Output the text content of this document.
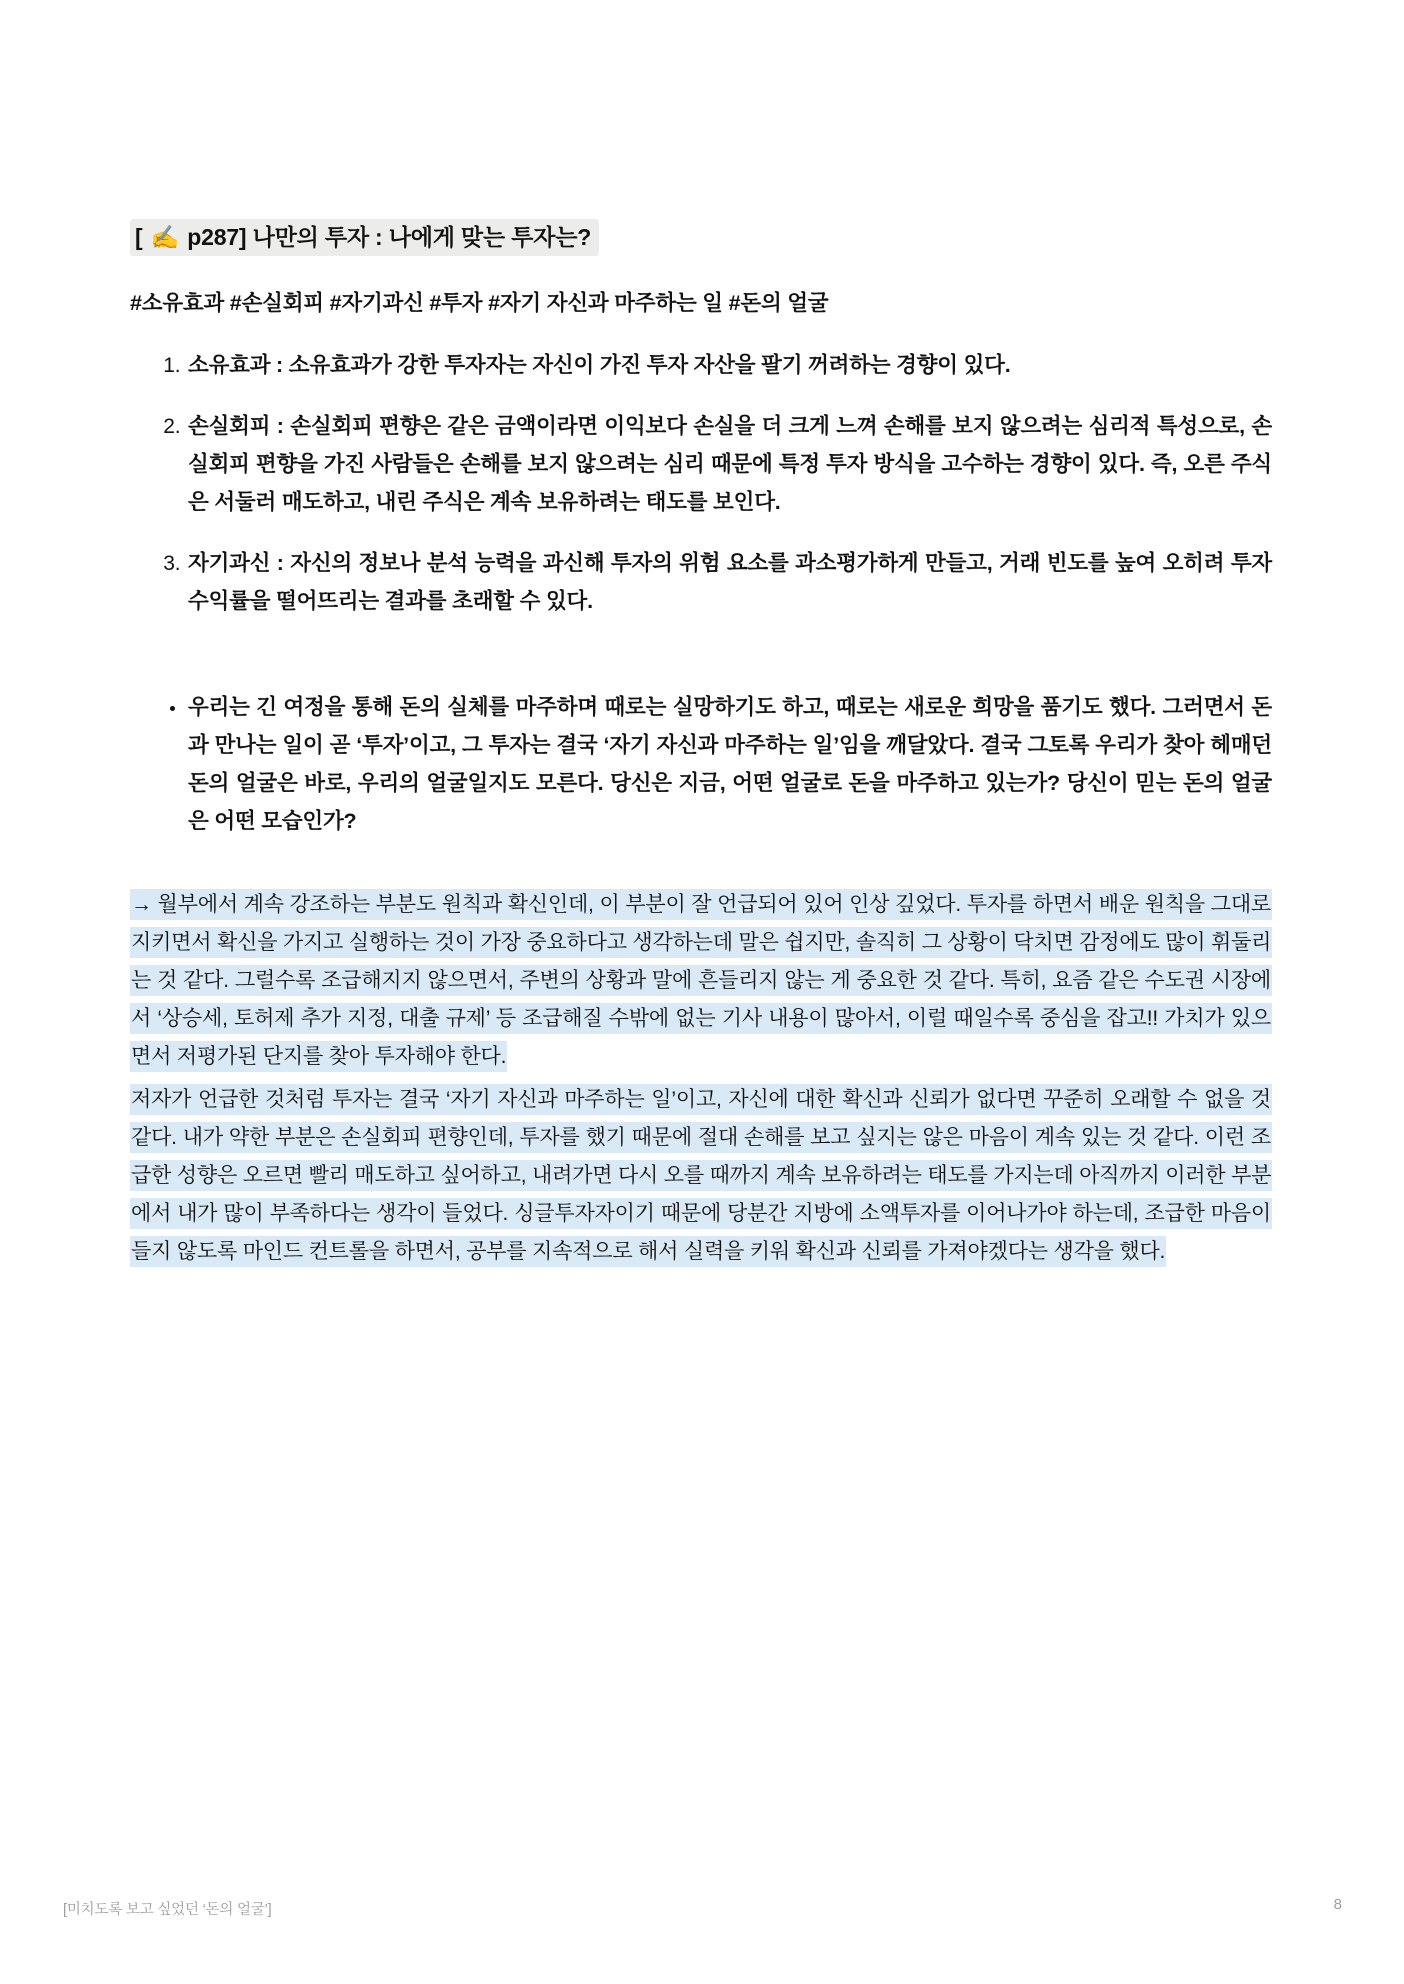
[ ✍️ p287] 나만의 투자 : 나에게 맞는 투자는?

#소유효과 #손실회피 #자기과신 #투자 #자기 자신과 마주하는 일 #돈의 얼굴

1. 소유효과 : 소유효과가 강한 투자자는 자신이 가진 투자 자산을 팔기 꺼려하는 경향이 있다.
2. 손실회피 : 손실회피 편향은 같은 금액이라면 이익보다 손실을 더 크게 느껴 손해를 보지 않으려는 심리적 특성으로, 손실회피 편향을 가진 사람들은 손해를 보지 않으려는 심리 때문에 특정 투자 방식을 고수하는 경향이 있다. 즉, 오른 주식은 서둘러 매도하고, 내린 주식은 계속 보유하려는 태도를 보인다.
3. 자기과신 : 자신의 정보나 분석 능력을 과신해 투자의 위험 요소를 과소평가하게 만들고, 거래 빈도를 높여 오히려 투자 수익률을 떨어뜨리는 결과를 초래할 수 있다.
• 우리는 긴 여정을 통해 돈의 실체를 마주하며 때로는 실망하기도 하고, 때로는 새로운 희망을 품기도 했다. 그러면서 돈과 만나는 일이 곧 ‘투자’이고, 그 투자는 결국 ‘자기 자신과 마주하는 일’임을 깨달았다. 결국 그토록 우리가 찾아 헤매던 돈의 얼굴은 바로, 우리의 얼굴일지도 모른다. 당신은 지금, 어떤 얼굴로 돈을 마주하고 있는가? 당신이 믿는 돈의 얼굴은 어떤 모습인가?

→ 월부에서 계속 강조하는 부분도 원칙과 확신인데, 이 부분이 잘 언급되어 있어 인상 깊었다. 투자를 하면서 배운 원칙을 그대로 지키면서 확신을 가지고 실행하는 것이 가장 중요하다고 생각하는데 말은 쉽지만, 솔직히 그 상황이 닥치면 감정에도 많이 휘둘리는 것 같다. 그럴수록 조급해지지 않으면서, 주변의 상황과 말에 흔들리지 않는 게 중요한 것 같다. 특히, 요즘 같은 수도권 시장에서 ‘상승세, 토허제 추가 지정, 대출 규제’ 등 조급해질 수밖에 없는 기사 내용이 많아서, 이럴 때일수록 중심을 잡고!! 가치가 있으면서 저평가된 단지를 찾아 투자해야 한다.

저자가 언급한 것처럼 투자는 결국 ‘자기 자신과 마주하는 일’이고, 자신에 대한 확신과 신뢰가 없다면 꾸준히 오래할 수 없을 것 같다. 내가 약한 부분은 손실회피 편향인데, 투자를 했기 때문에 절대 손해를 보고 싶지는 않은 마음이 계속 있는 것 같다. 이런 조급한 성향은 오르면 빨리 매도하고 싶어하고, 내려가면 다시 오를 때까지 계속 보유하려는 태도를 가지는데 아직까지 이러한 부분에서 내가 많이 부족하다는 생각이 들었다. 싱글투자자이기 때문에 당분간 지방에 소액투자를 이어나가야 하는데, 조급한 마음이 들지 않도록 마인드 컨트롤을 하면서, 공부를 지속적으로 해서 실력을 키워 확신과 신뢰를 가져야겠다는 생각을 했다.

[미치도록 보고 싶었던 ‘돈의 얼굴’]	8
